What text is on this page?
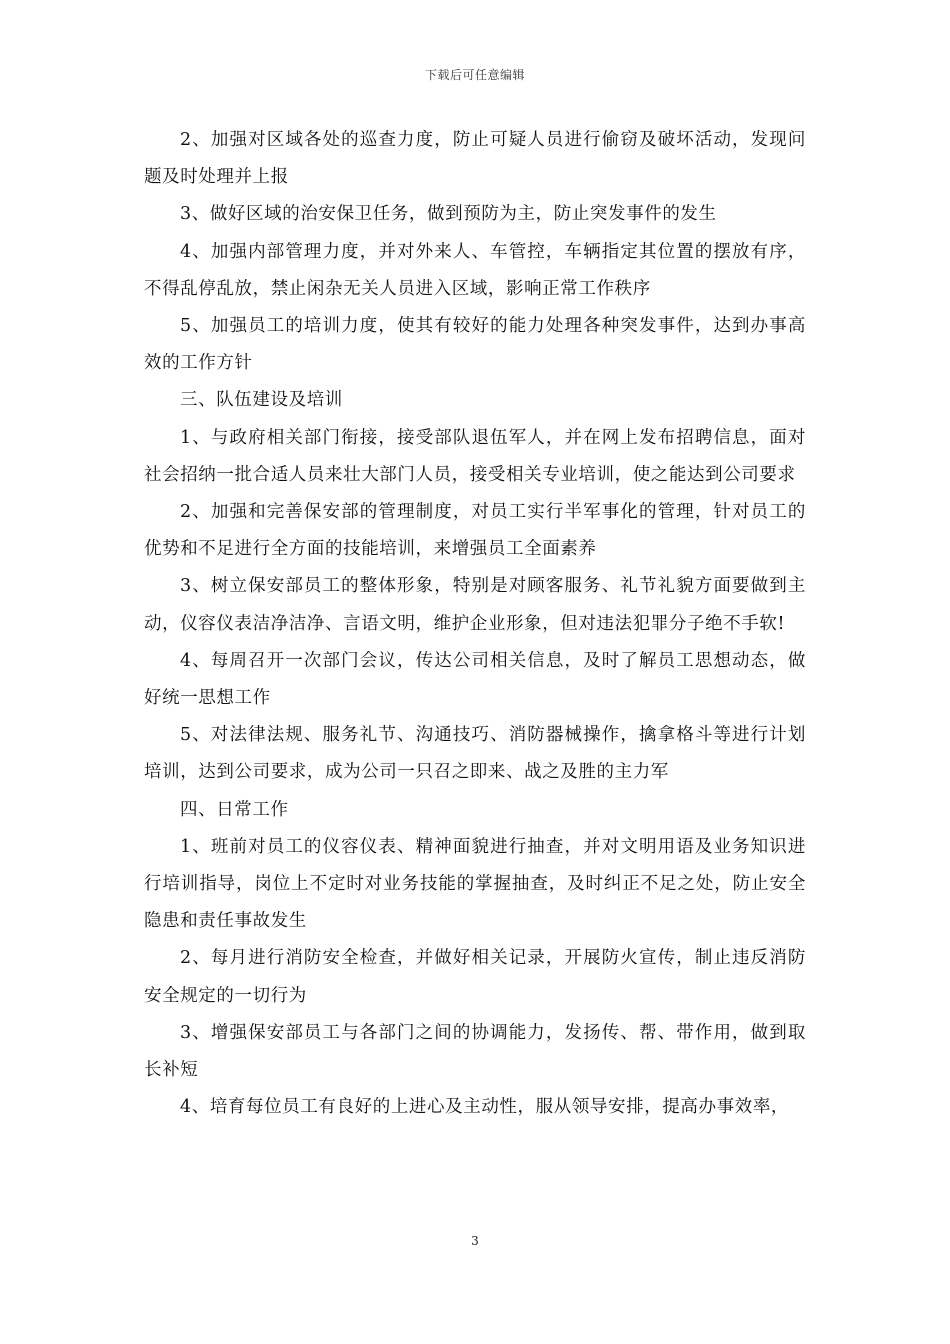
下载后可任意编辑

2、加强对区域各处的巡查力度，防止可疑人员进行偷窃及破坏活动，发现问题及时处理并上报

3、做好区域的治安保卫任务，做到预防为主，防止突发事件的发生

4、加强内部管理力度，并对外来人、车管控，车辆指定其位置的摆放有序，不得乱停乱放，禁止闲杂无关人员进入区域，影响正常工作秩序

5、加强员工的培训力度，使其有较好的能力处理各种突发事件，达到办事高效的工作方针

三、队伍建设及培训

1、与政府相关部门衔接，接受部队退伍军人，并在网上发布招聘信息，面对社会招纳一批合适人员来壮大部门人员，接受相关专业培训，使之能达到公司要求

2、加强和完善保安部的管理制度，对员工实行半军事化的管理，针对员工的优势和不足进行全方面的技能培训，来增强员工全面素养

3、树立保安部员工的整体形象，特别是对顾客服务、礼节礼貌方面要做到主动，仪容仪表洁净洁净、言语文明，维护企业形象，但对违法犯罪分子绝不手软!

4、每周召开一次部门会议，传达公司相关信息，及时了解员工思想动态，做好统一思想工作

5、对法律法规、服务礼节、沟通技巧、消防器械操作，擒拿格斗等进行计划培训，达到公司要求，成为公司一只召之即来、战之及胜的主力军

四、日常工作

1、班前对员工的仪容仪表、精神面貌进行抽查，并对文明用语及业务知识进行培训指导，岗位上不定时对业务技能的掌握抽查，及时纠正不足之处，防止安全隐患和责任事故发生

2、每月进行消防安全检查，并做好相关记录，开展防火宣传，制止违反消防安全规定的一切行为

3、增强保安部员工与各部门之间的协调能力，发扬传、帮、带作用，做到取长补短

4、培育每位员工有良好的上进心及主动性，服从领导安排，提高办事效率，

3
